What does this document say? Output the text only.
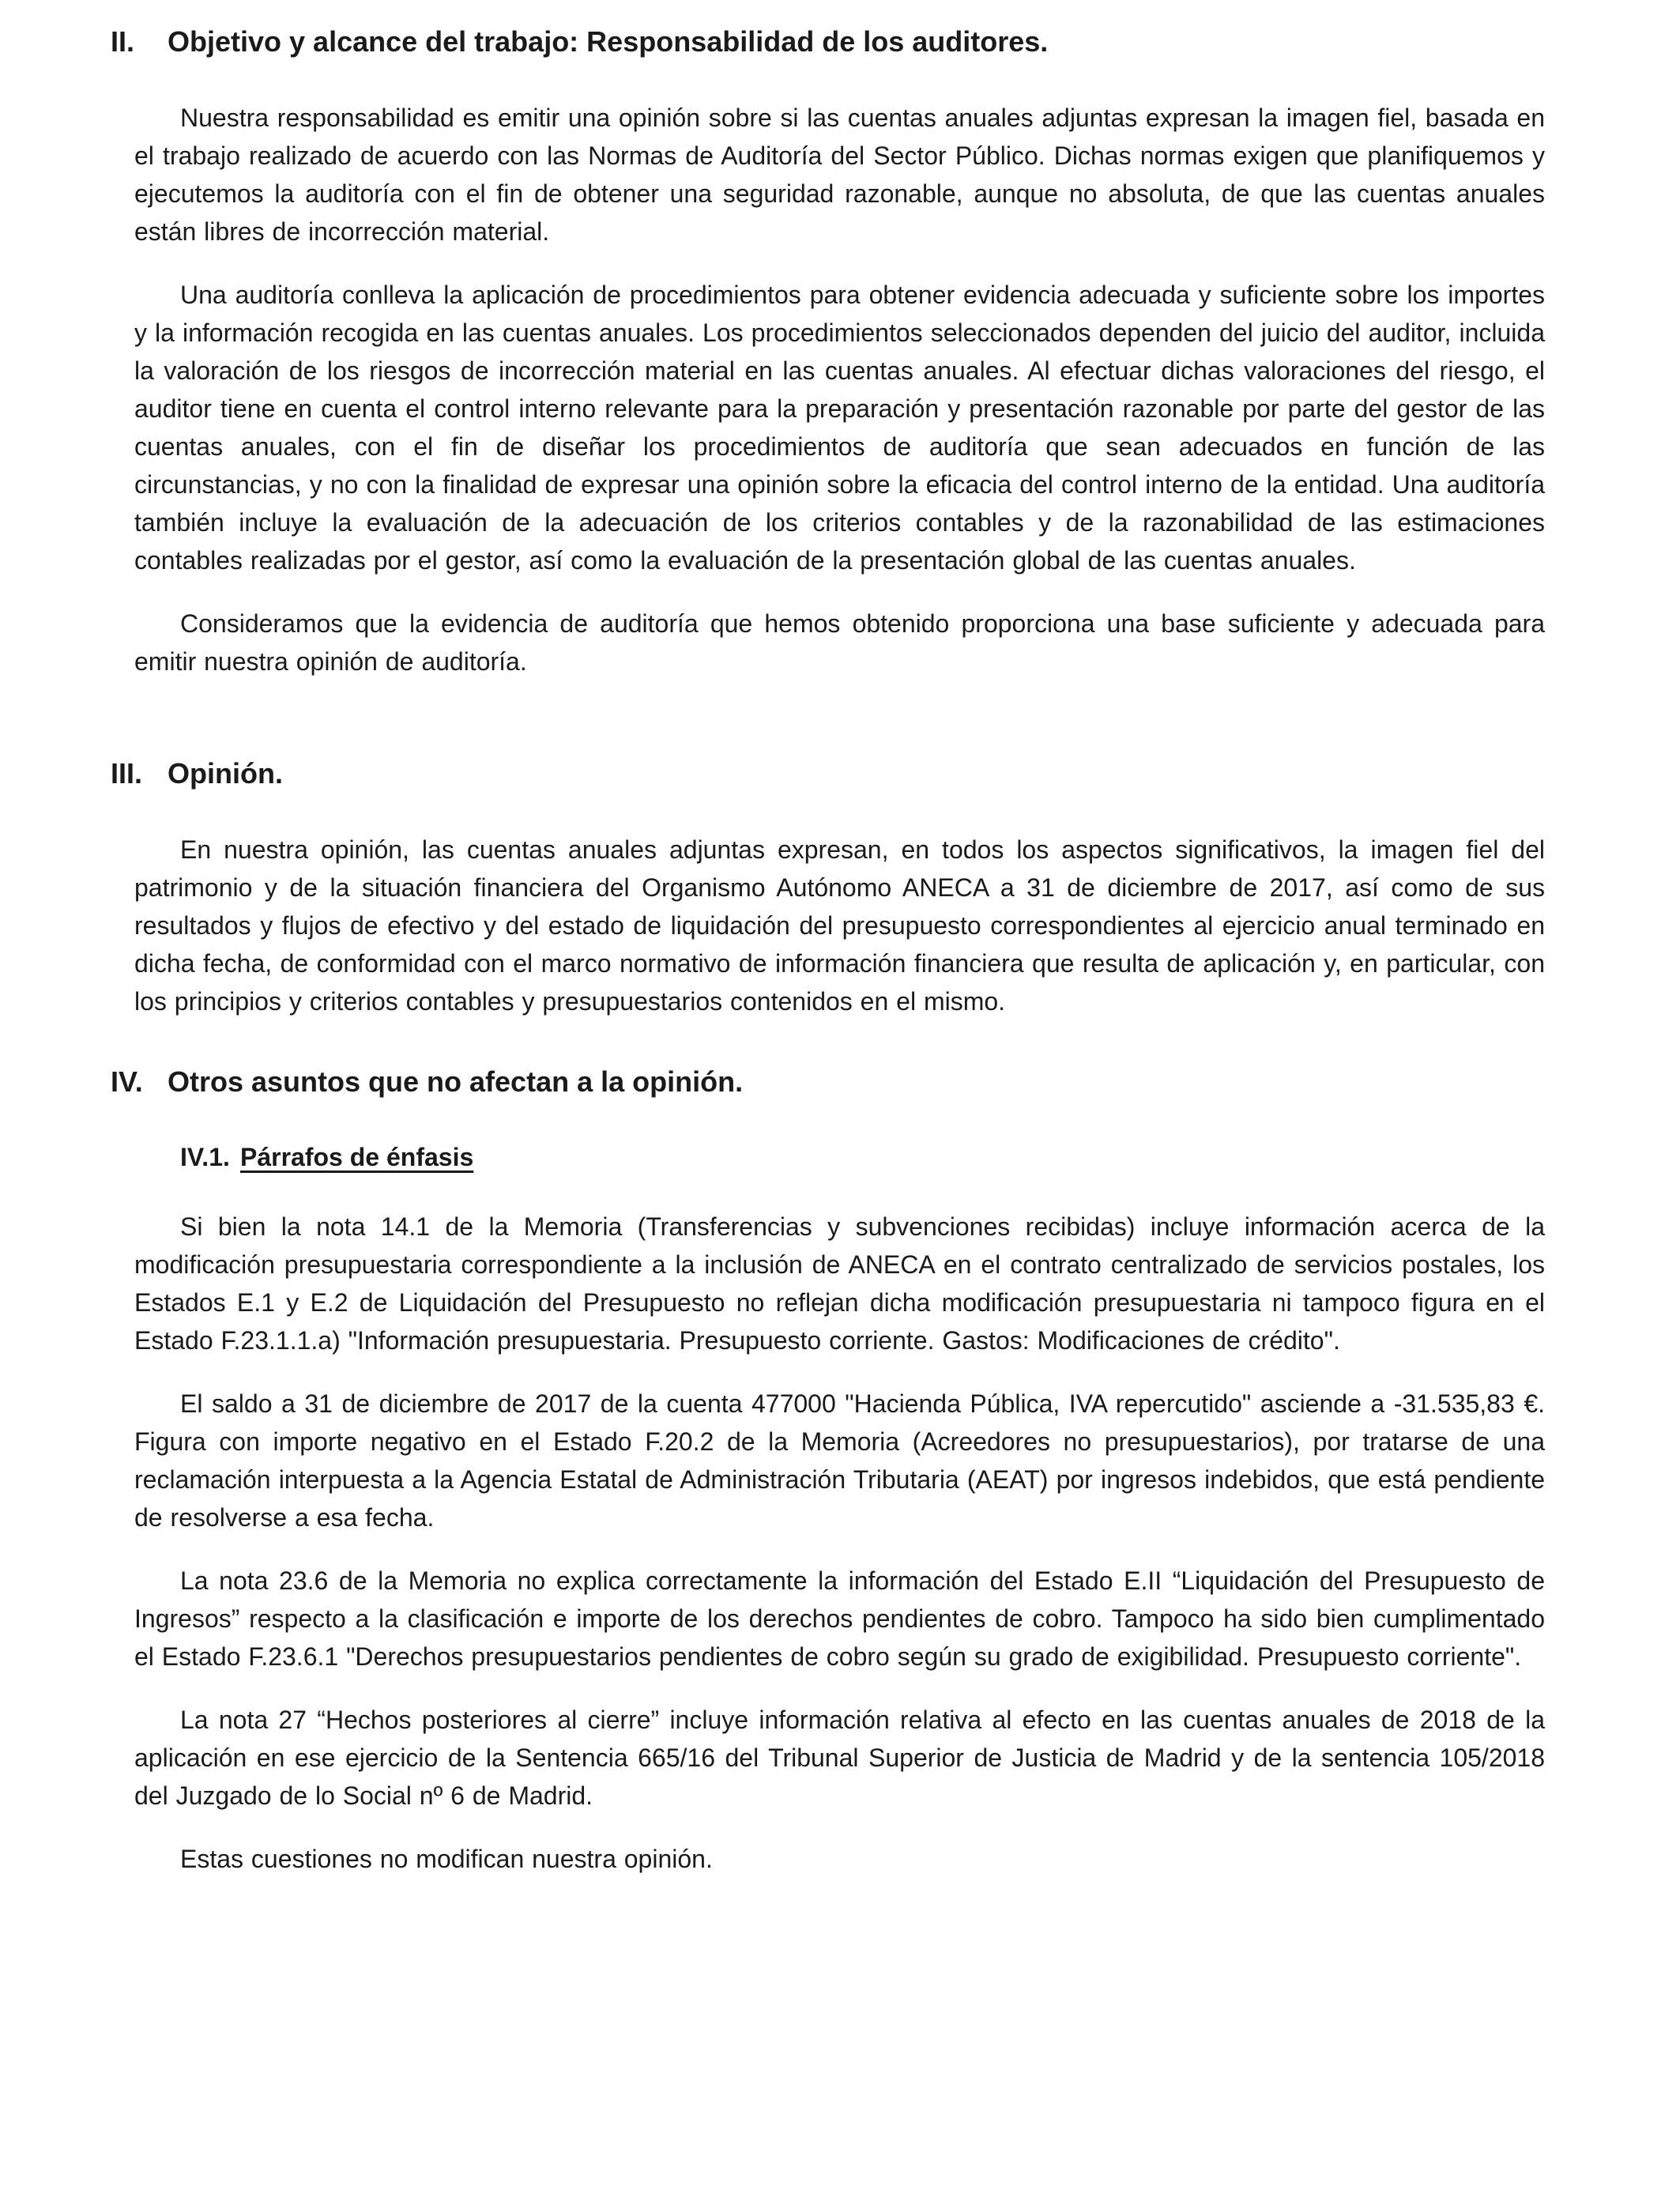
II.	Objetivo y alcance del trabajo: Responsabilidad de los auditores.

Nuestra responsabilidad es emitir una opinión sobre si las cuentas anuales adjuntas expresan la imagen fiel, basada en el trabajo realizado de acuerdo con las Normas de Auditoría del Sector Público. Dichas normas exigen que planifiquemos y ejecutemos la auditoría con el fin de obtener una seguridad razonable, aunque no absoluta, de que las cuentas anuales están libres de incorrección material.

Una auditoría conlleva la aplicación de procedimientos para obtener evidencia adecuada y suficiente sobre los importes y la información recogida en las cuentas anuales. Los procedimientos seleccionados dependen del juicio del auditor, incluida la valoración de los riesgos de incorrección material en las cuentas anuales. Al efectuar dichas valoraciones del riesgo, el auditor tiene en cuenta el control interno relevante para la preparación y presentación razonable por parte del gestor de las cuentas anuales, con el fin de diseñar los procedimientos de auditoría que sean adecuados en función de las circunstancias, y no con la finalidad de expresar una opinión sobre la eficacia del control interno de la entidad. Una auditoría también incluye la evaluación de la adecuación de los criterios contables y de la razonabilidad de las estimaciones contables realizadas por el gestor, así como la evaluación de la presentación global de las cuentas anuales.

Consideramos que la evidencia de auditoría que hemos obtenido proporciona una base suficiente y adecuada para emitir nuestra opinión de auditoría.

III. Opinión.

En nuestra opinión, las cuentas anuales adjuntas expresan, en todos los aspectos significativos, la imagen fiel del patrimonio y de la situación financiera del Organismo Autónomo ANECA a 31 de diciembre de 2017, así como de sus resultados y flujos de efectivo y del estado de liquidación del presupuesto correspondientes al ejercicio anual terminado en dicha fecha, de conformidad con el marco normativo de información financiera que resulta de aplicación y, en particular, con los principios y criterios contables y presupuestarios contenidos en el mismo.

IV. Otros asuntos que no afectan a la opinión.
IV.1. Párrafos de énfasis

Si bien la nota 14.1 de la Memoria (Transferencias y subvenciones recibidas) incluye información acerca de la modificación presupuestaria correspondiente a la inclusión de ANECA en el contrato centralizado de servicios postales, los Estados E.1 y E.2 de Liquidación del Presupuesto no reflejan dicha modificación presupuestaria ni tampoco figura en el Estado F.23.1.1.a) "Información presupuestaria. Presupuesto corriente. Gastos: Modificaciones de crédito".

El saldo a 31 de diciembre de 2017 de la cuenta 477000 "Hacienda Pública, IVA repercutido" asciende a -31.535,83 €. Figura con importe negativo en el Estado F.20.2 de la Memoria (Acreedores no presupuestarios), por tratarse de una reclamación interpuesta a la Agencia Estatal de Administración Tributaria (AEAT) por ingresos indebidos, que está pendiente de resolverse a esa fecha.

La nota 23.6 de la Memoria no explica correctamente la información del Estado E.II “Liquidación del Presupuesto de Ingresos” respecto a la clasificación e importe de los derechos pendientes de cobro. Tampoco ha sido bien cumplimentado el Estado F.23.6.1 "Derechos presupuestarios pendientes de cobro según su grado de exigibilidad. Presupuesto corriente".

La nota 27 “Hechos posteriores al cierre” incluye información relativa al efecto en las cuentas anuales de 2018 de la aplicación en ese ejercicio de la Sentencia 665/16 del Tribunal Superior de Justicia de Madrid y de la sentencia 105/2018 del Juzgado de lo Social nº 6 de Madrid.

Estas cuestiones no modifican nuestra opinión.
